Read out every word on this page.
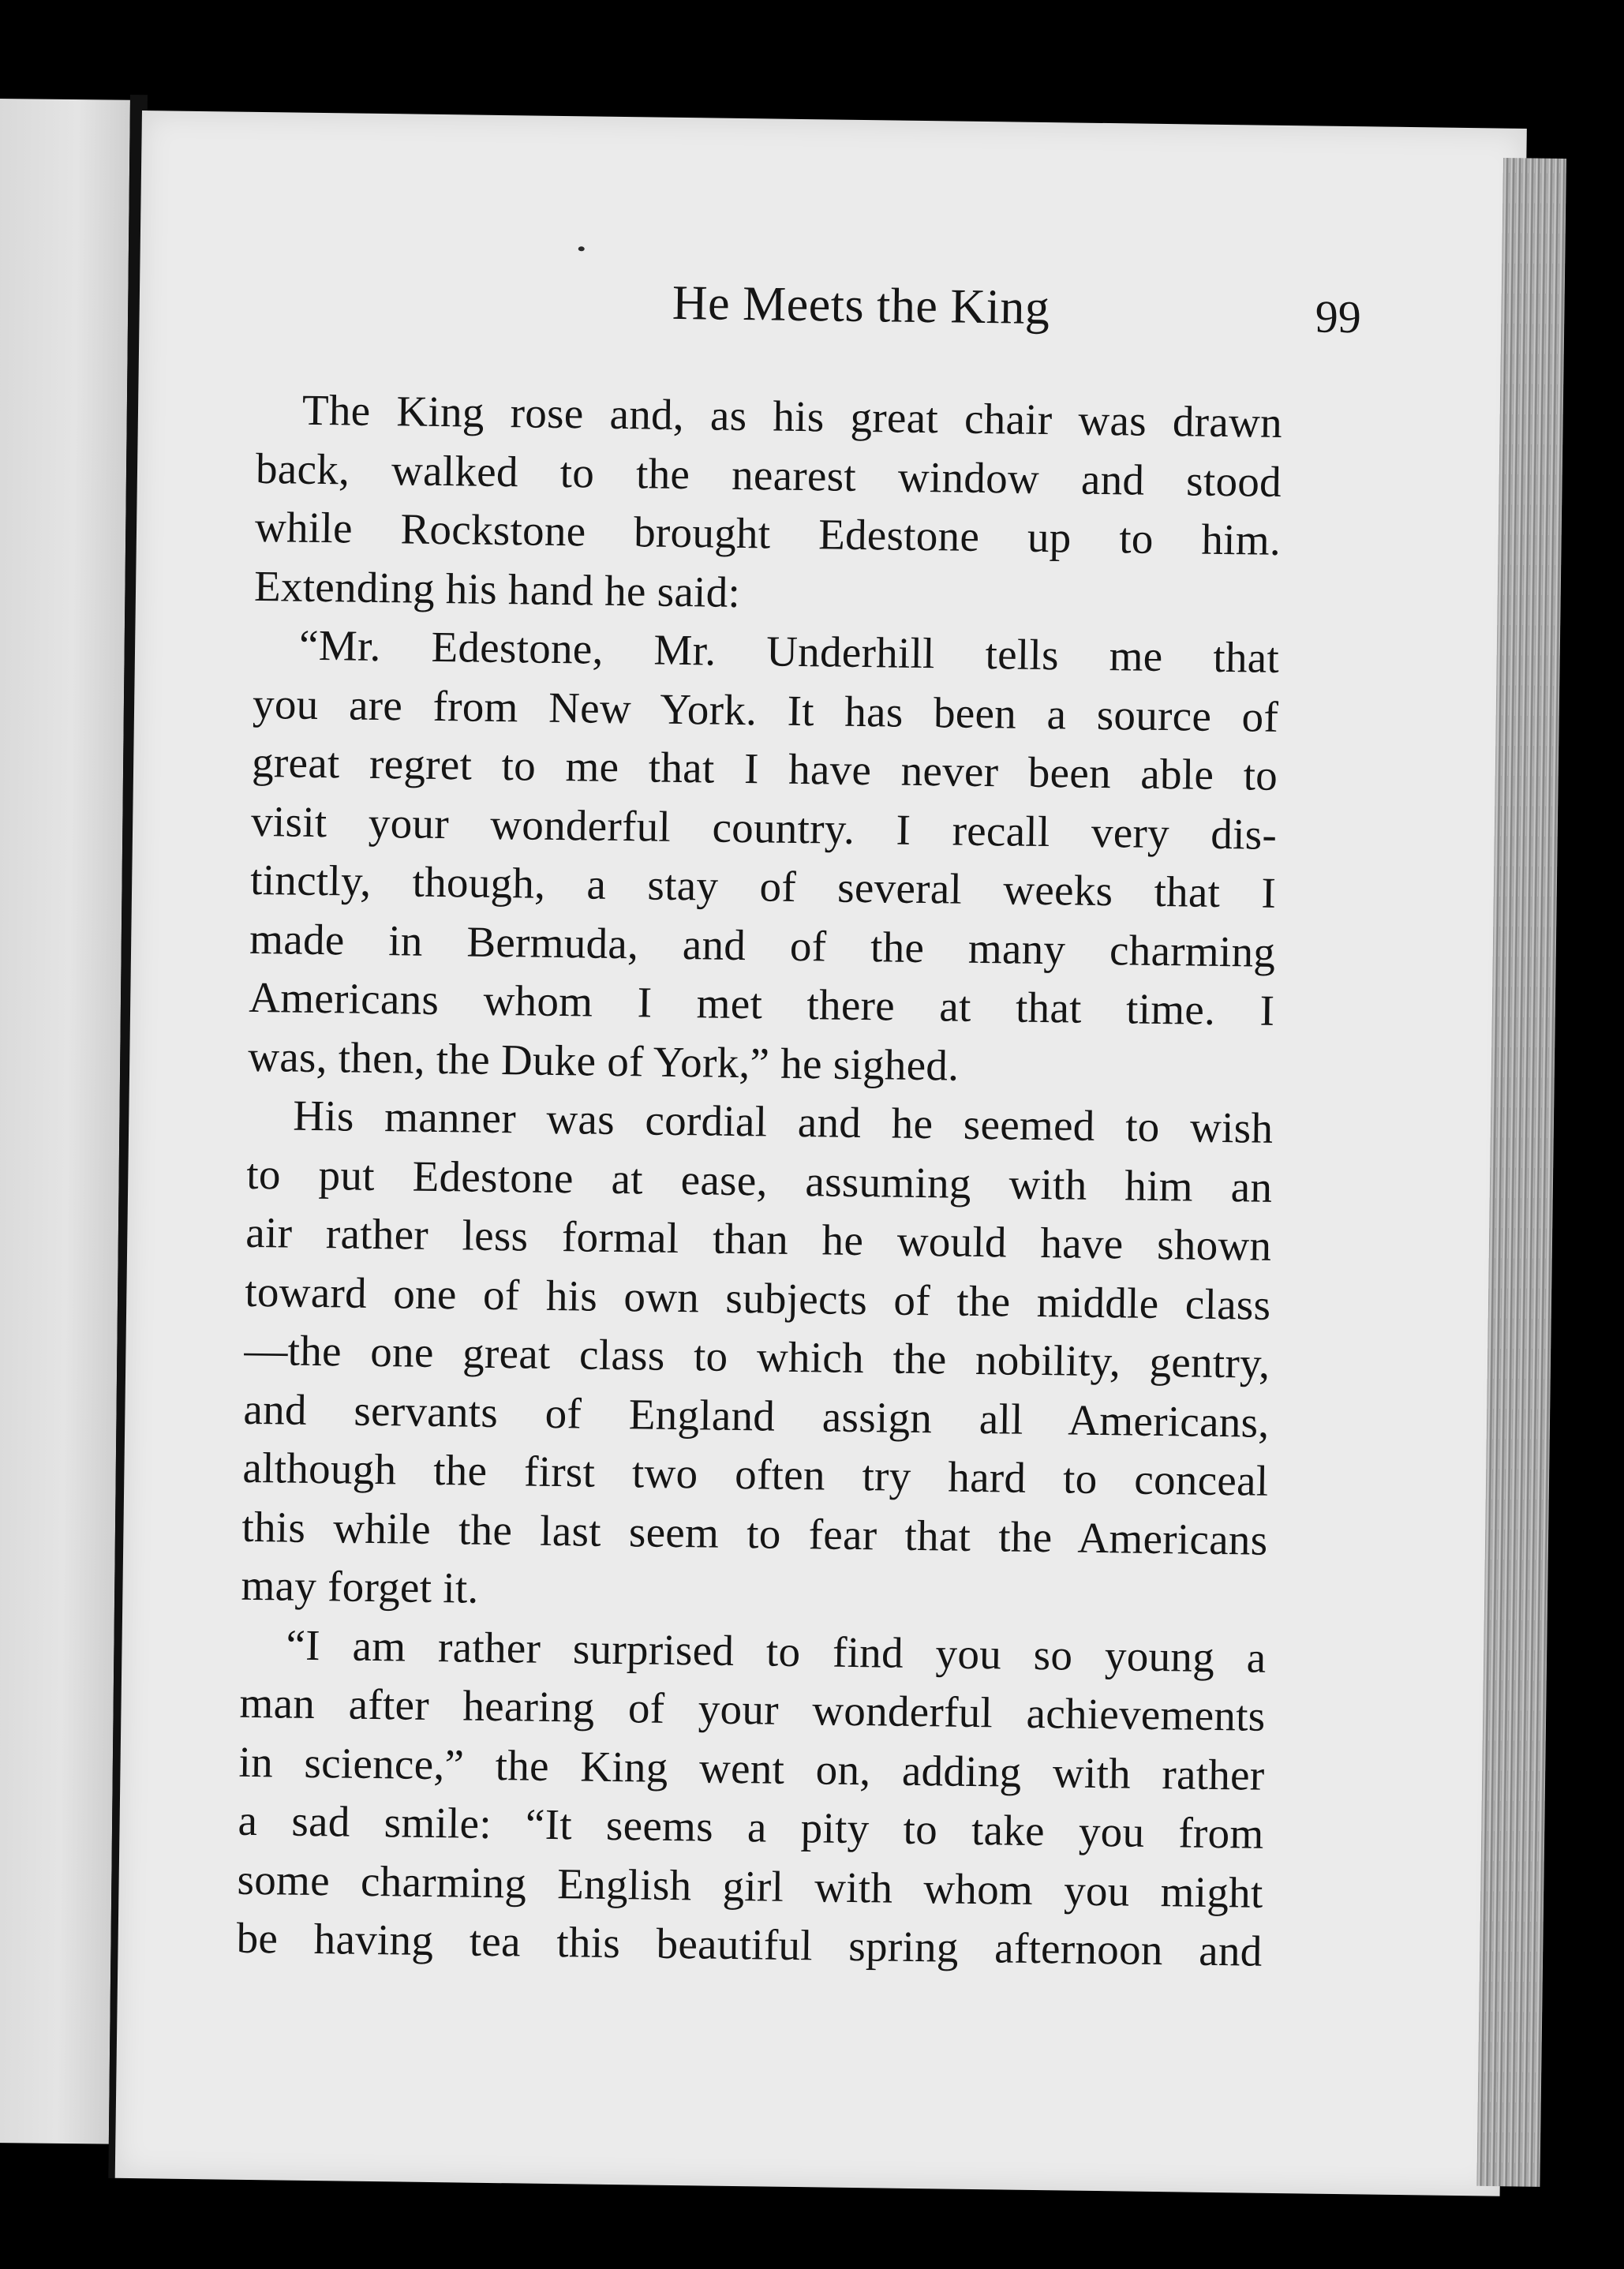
He Meets the King	99
The King rose and, as his great chair was drawn
back, walked to the nearest window and stood
while Rockstone brought Edestone up to him.
Extending his hand he said:
“Mr. Edestone, Mr. Underhill tells me that
you are from New York. It has been a source of
great regret to me that I have never been able to
visit your wonderful country. I recall very dis-
tinctly, though, a stay of several weeks that I
made in Bermuda, and of the many charming
Americans whom I met there at that time. I
was, then, the Duke of York,” he sighed.
His manner was cordial and he seemed to wish
to put Edestone at ease, assuming with him an
air rather less formal than he would have shown
toward one of his own subjects of the middle class
—the one great class to which the nobility, gentry,
and servants of England assign all Americans,
although the first two often try hard to conceal
this while the last seem to fear that the Americans
may forget it.
“I am rather surprised to find you so young a
man after hearing of your wonderful achievements
in science,” the King went on, adding with rather
a sad smile: “It seems a pity to take you from
some charming English girl with whom you might
be having tea this beautiful spring afternoon and
